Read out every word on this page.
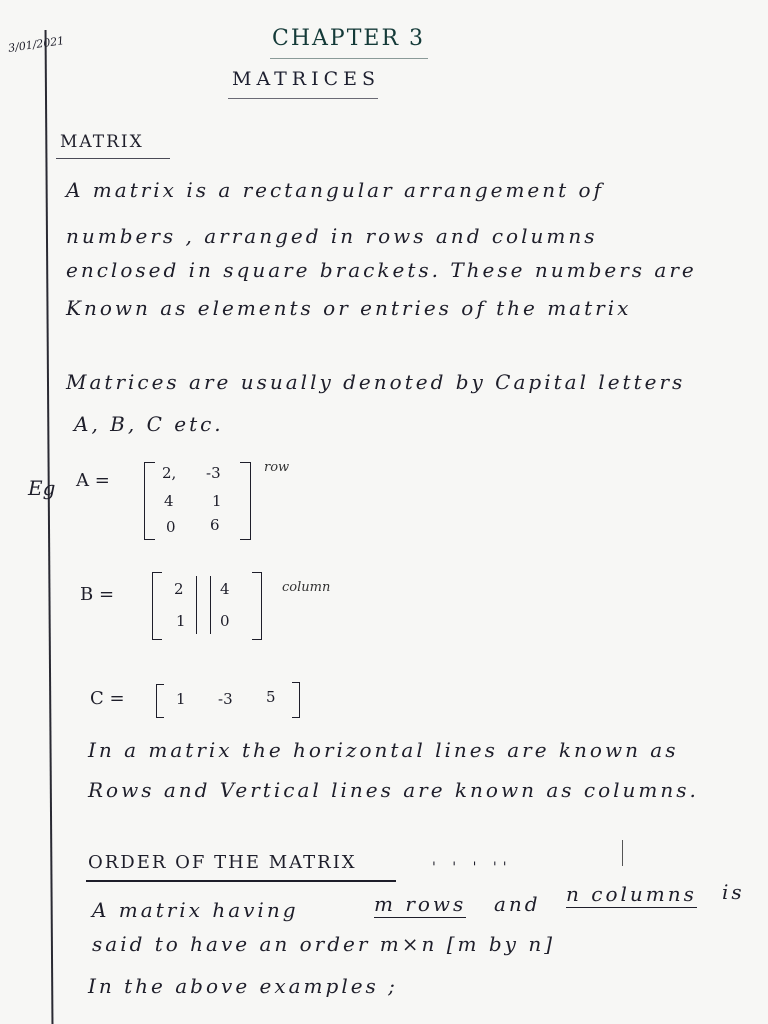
3/01/2021	CHAPTER 3
MATRICES
MATRIX
A matrix is a rectangular arrangement of
numbers , arranged in rows and columns
enclosed in square brackets. These numbers are
Known as elements or entries of the matrix
Matrices are usually denoted by Capital letters
A, B, C etc.
Eg A =	2, -3
4	1
0 6
row
B =	2 4
1 0
column
C =	1 -3 5
In a matrix the horizontal lines are known as
Rows and Vertical lines are known as columns.
ORDER OF THE MATRIX	' ' ' ''
A matrix having	m rows and n columns is
said to have an order m×n [m by n]
In the above examples ;
